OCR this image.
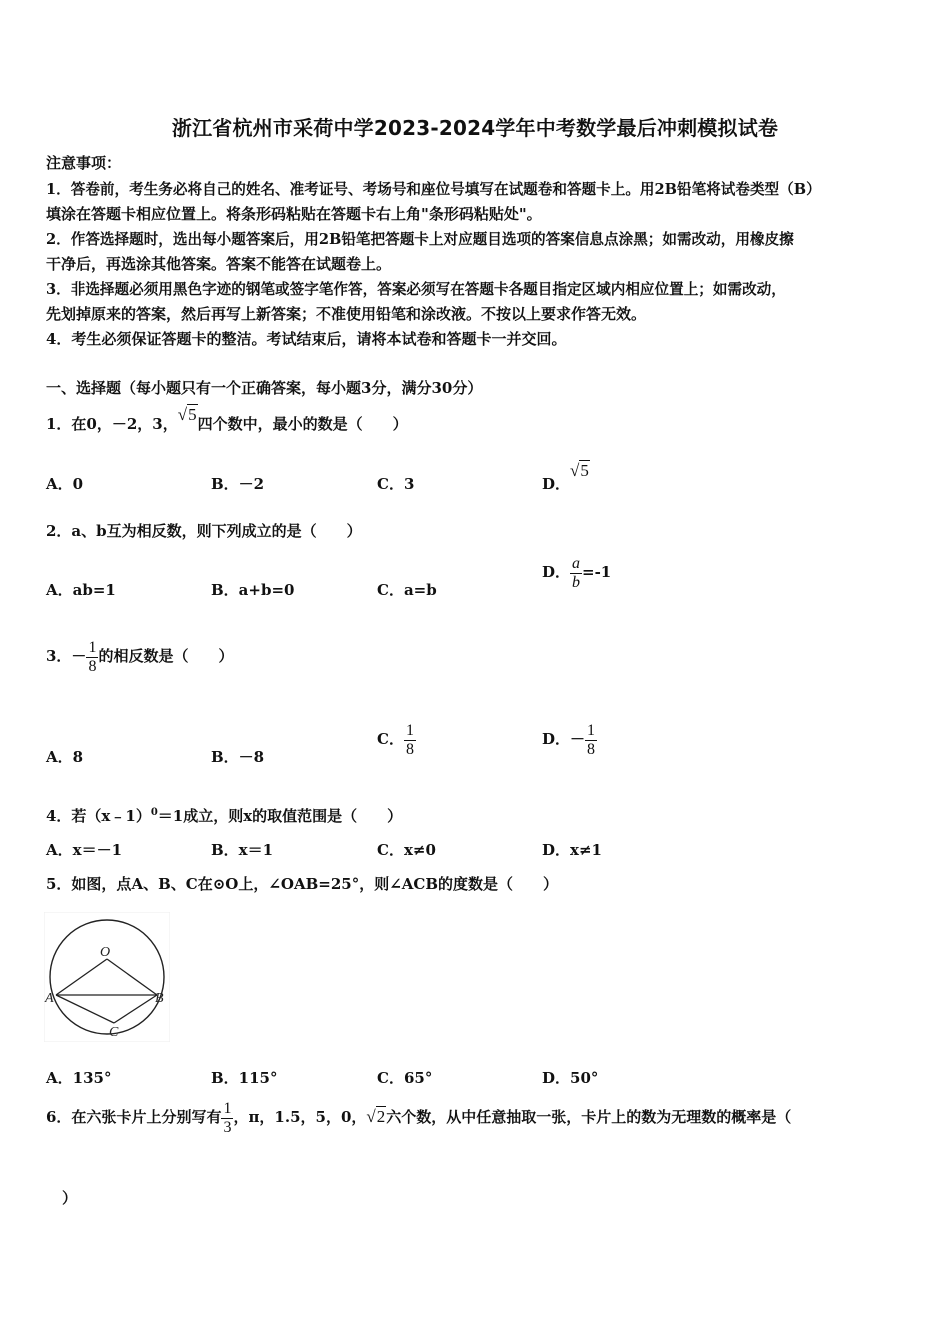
浙江省杭州市采荷中学2023-2024学年中考数学最后冲刺模拟试卷
注意事项：
1．答卷前，考生务必将自己的姓名、准考证号、考场号和座位号填写在试题卷和答题卡上。用2B铅笔将试卷类型（B）
填涂在答题卡相应位置上。将条形码粘贴在答题卡右上角"条形码粘贴处"。
2．作答选择题时，选出每小题答案后，用2B铅笔把答题卡上对应题目选项的答案信息点涂黑；如需改动，用橡皮擦
干净后，再选涂其他答案。答案不能答在试题卷上。
3．非选择题必须用黑色字迹的钢笔或签字笔作答，答案必须写在答题卡各题目指定区域内相应位置上；如需改动，
先划掉原来的答案，然后再写上新答案；不准使用铅笔和涂改液。不按以上要求作答无效。
4．考生必须保证答题卡的整洁。考试结束后，请将本试卷和答题卡一并交回。
一、选择题（每小题只有一个正确答案，每小题3分，满分30分）
1．在0，－2，3，√5四个数中，最小的数是（　　）
A．0	B．－2	C．3	D．√5
2．a、b互为相反数，则下列成立的是（　　）
A．ab=1	B．a+b=0	C．a=b
D． $\frac{a}{b} =-1$
3．－ $\frac{1}{8}$ 的相反数是（　　）
A．8	B．－8
C． $\frac{1}{8}$	D．－ $\frac{1}{8}$
4．若（x﹣1）$^0$＝1成立，则x的取值范围是（　　）
A．x＝－1	B．x＝1	C．x≠0	D．x≠1
5．如图，点A、B、C在⊙O上，∠OAB=25°，则∠ACB的度数是（　　）
O
A	B
C
A．135°	B．115°	C．65°	D．50°
6．在六张卡片上分别写有 $\frac{1}{3}$ ，π，1.5，5，0，√2六个数，从中任意抽取一张，卡片上的数为无理数的概率是（
）
